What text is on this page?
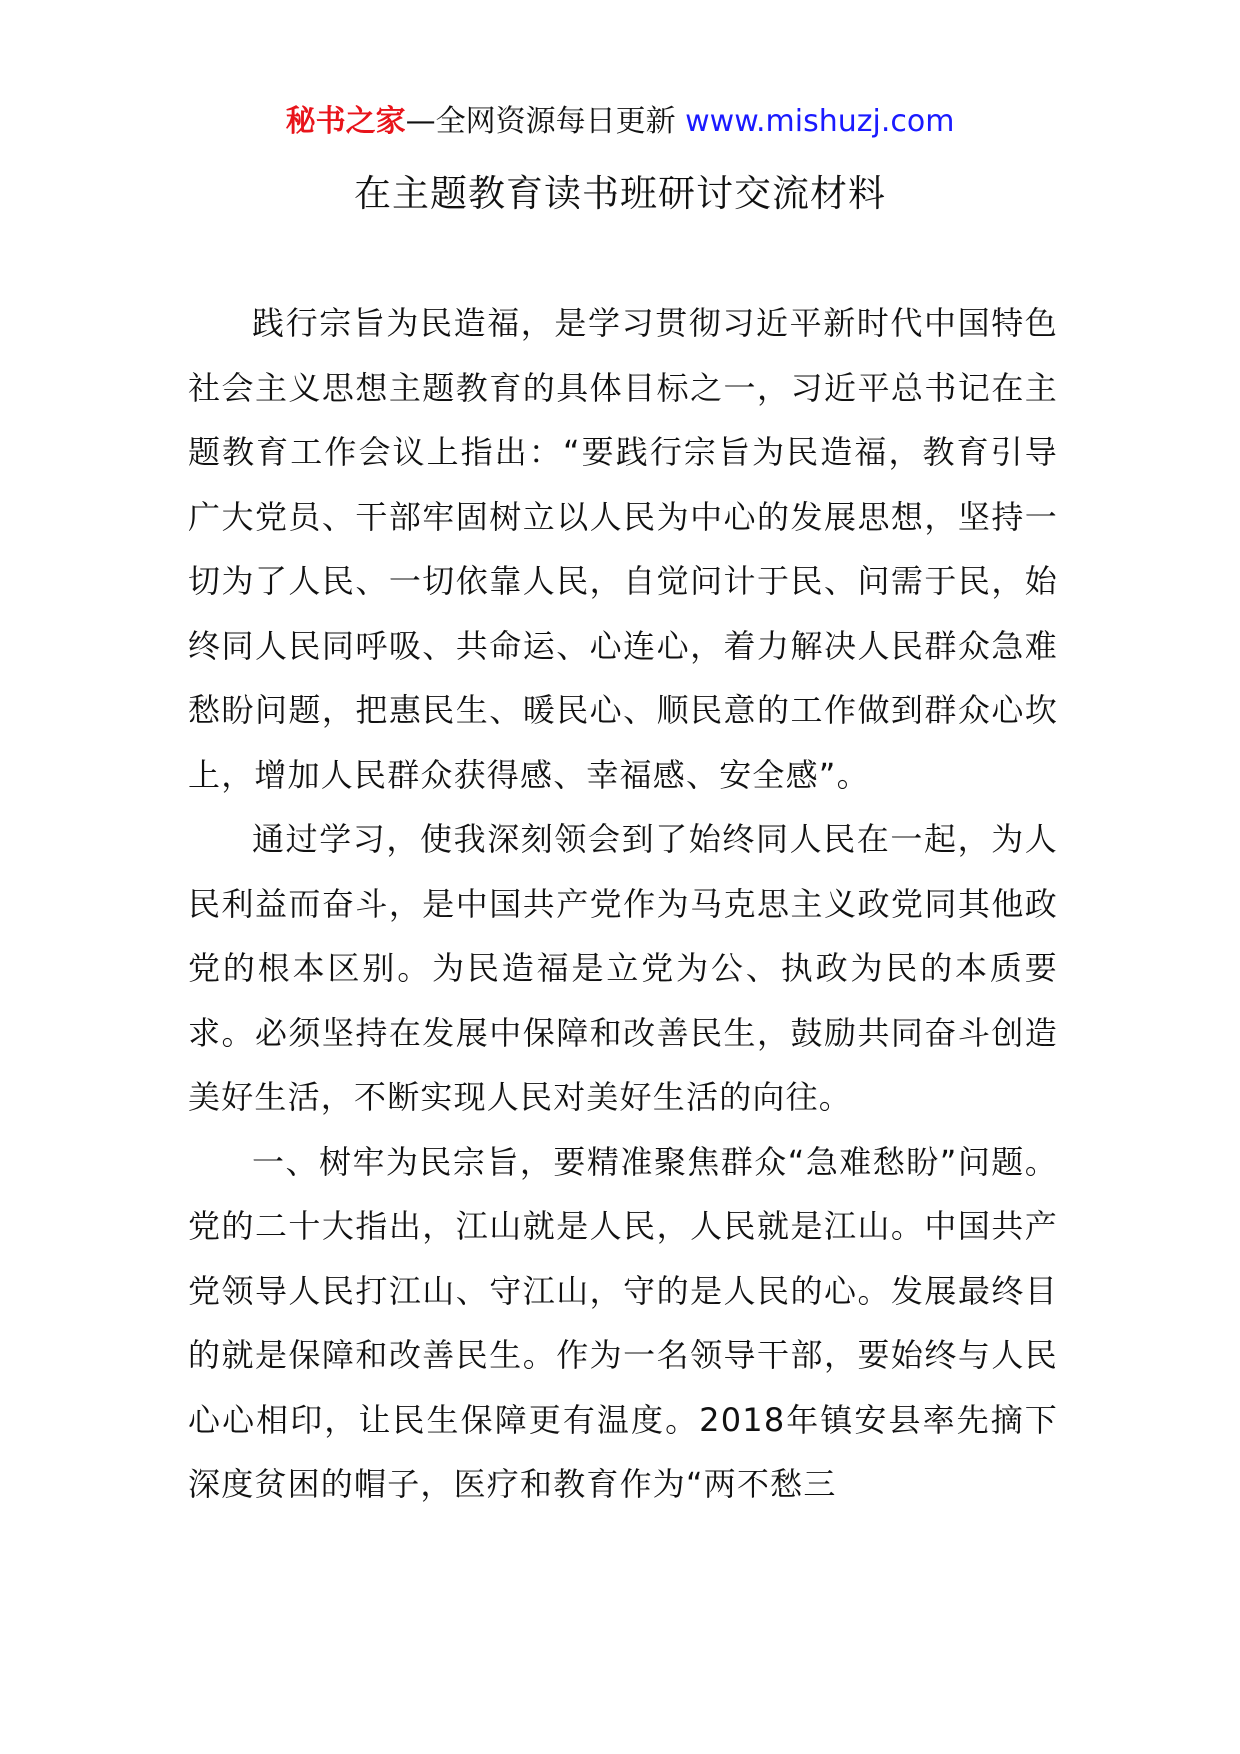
秘书之家—全网资源每日更新 www.mishuzj.com
在主题教育读书班研讨交流材料

践行宗旨为民造福，是学习贯彻习近平新时代中国特色社会主义思想主题教育的具体目标之一，习近平总书记在主题教育工作会议上指出：“要践行宗旨为民造福，教育引导广大党员、干部牢固树立以人民为中心的发展思想，坚持一切为了人民、一切依靠人民，自觉问计于民、问需于民，始终同人民同呼吸、共命运、心连心，着力解决人民群众急难愁盼问题，把惠民生、暖民心、顺民意的工作做到群众心坎上，增加人民群众获得感、幸福感、安全感”。

通过学习，使我深刻领会到了始终同人民在一起，为人民利益而奋斗，是中国共产党作为马克思主义政党同其他政党的根本区别。为民造福是立党为公、执政为民的本质要求。必须坚持在发展中保障和改善民生，鼓励共同奋斗创造美好生活，不断实现人民对美好生活的向往。

一、树牢为民宗旨，要精准聚焦群众“急难愁盼”问题。党的二十大指出，江山就是人民，人民就是江山。中国共产党领导人民打江山、守江山，守的是人民的心。发展最终目的就是保障和改善民生。作为一名领导干部，要始终与人民心心相印，让民生保障更有温度。2018年镇安县率先摘下深度贫困的帽子，医疗和教育作为“两不愁三
